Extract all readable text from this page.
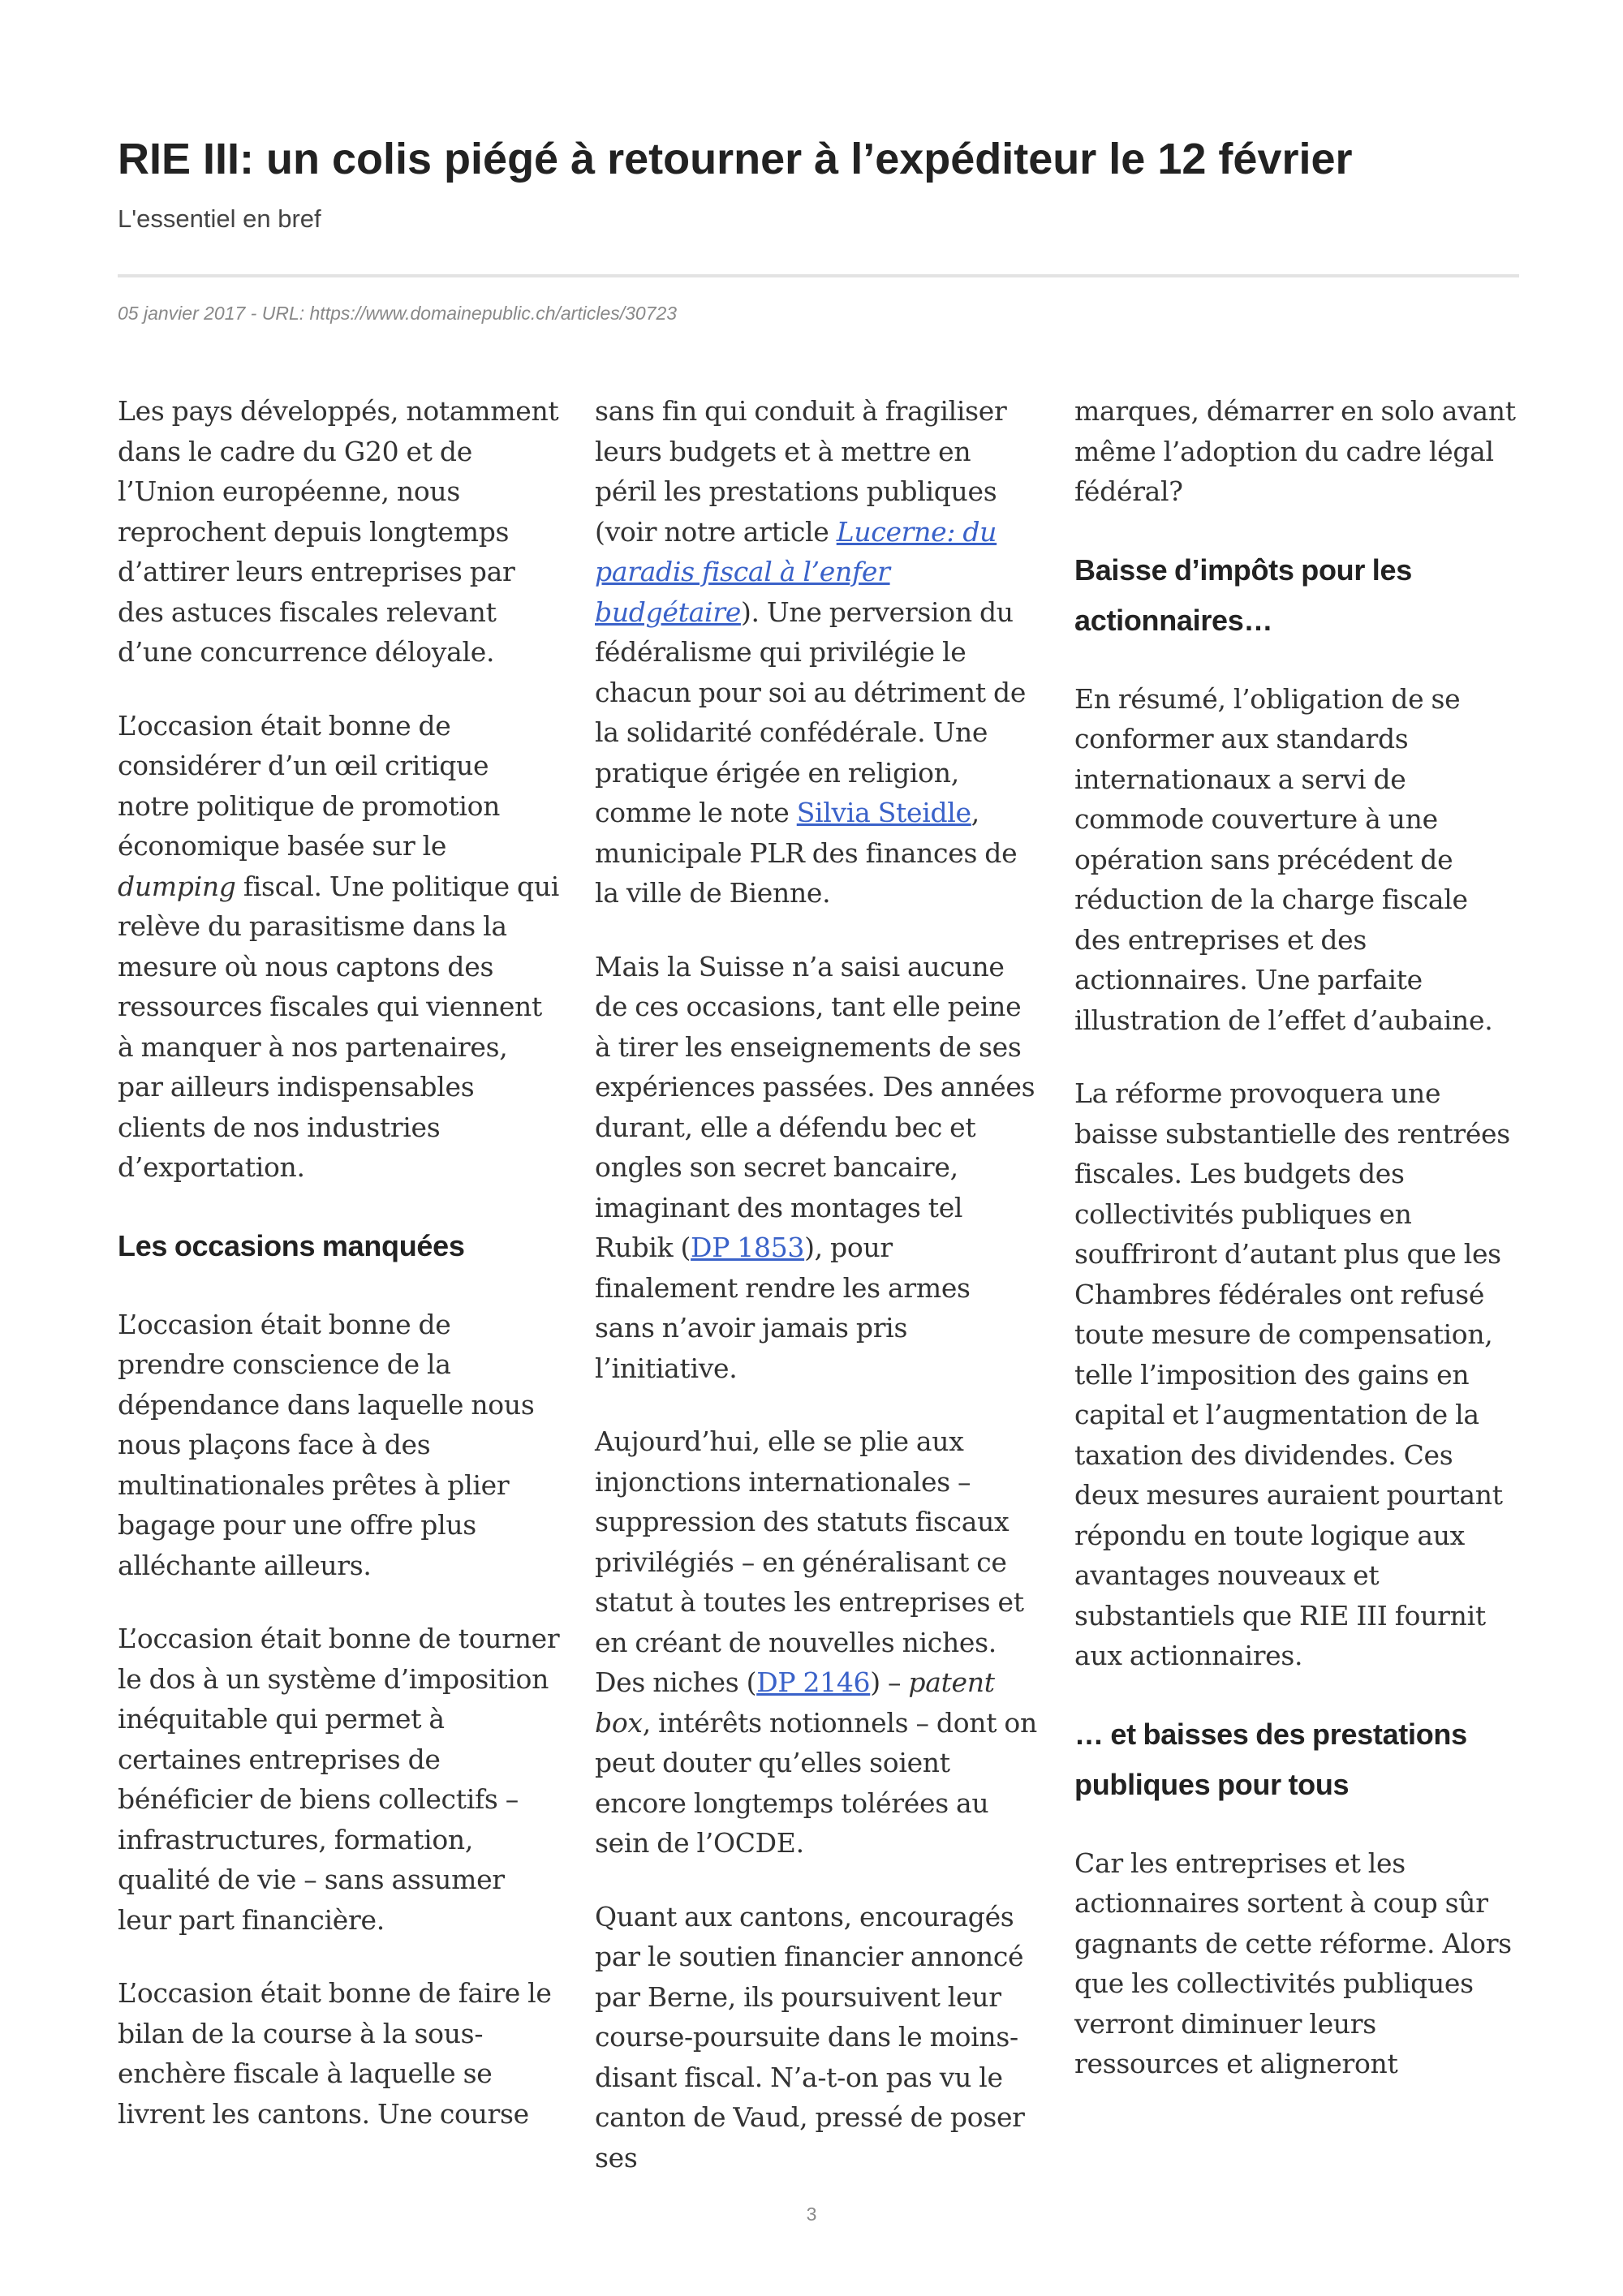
RIE III: un colis piégé à retourner à l’expéditeur le 12 février

L'essentiel en bref

05 janvier 2017 - URL: https://www.domainepublic.ch/articles/30723

Les pays développés, notamment dans le cadre du G20 et de l’Union européenne, nous reprochent depuis longtemps d’attirer leurs entreprises par des astuces fiscales relevant d’une concurrence déloyale.

L’occasion était bonne de considérer d’un œil critique notre politique de promotion économique basée sur le dumping fiscal. Une politique qui relève du parasitisme dans la mesure où nous captons des ressources fiscales qui viennent à manquer à nos partenaires, par ailleurs indispensables clients de nos industries d’exportation.

Les occasions manquées

L’occasion était bonne de prendre conscience de la dépendance dans laquelle nous nous plaçons face à des multinationales prêtes à plier bagage pour une offre plus alléchante ailleurs.

L’occasion était bonne de tourner le dos à un système d’imposition inéquitable qui permet à certaines entreprises de bénéficier de biens collectifs – infrastructures, formation, qualité de vie – sans assumer leur part financière.

L’occasion était bonne de faire le bilan de la course à la sous-enchère fiscale à laquelle se livrent les cantons. Une course

sans fin qui conduit à fragiliser leurs budgets et à mettre en péril les prestations publiques (voir notre article Lucerne: du paradis fiscal à l’enfer budgétaire). Une perversion du fédéralisme qui privilégie le chacun pour soi au détriment de la solidarité confédérale. Une pratique érigée en religion, comme le note Silvia Steidle, municipale PLR des finances de la ville de Bienne.

Mais la Suisse n’a saisi aucune de ces occasions, tant elle peine à tirer les enseignements de ses expériences passées. Des années durant, elle a défendu bec et ongles son secret bancaire, imaginant des montages tel Rubik (DP 1853), pour finalement rendre les armes sans n’avoir jamais pris l’initiative.

Aujourd’hui, elle se plie aux injonctions internationales – suppression des statuts fiscaux privilégiés – en généralisant ce statut à toutes les entreprises et en créant de nouvelles niches. Des niches (DP 2146) – patent box, intérêts notionnels – dont on peut douter qu’elles soient encore longtemps tolérées au sein de l’OCDE.

Quant aux cantons, encouragés par le soutien financier annoncé par Berne, ils poursuivent leur course-poursuite dans le moins-disant fiscal. N’a-t-on pas vu le canton de Vaud, pressé de poser ses

marques, démarrer en solo avant même l’adoption du cadre légal fédéral?

Baisse d’impôts pour les actionnaires…

En résumé, l’obligation de se conformer aux standards internationaux a servi de commode couverture à une opération sans précédent de réduction de la charge fiscale des entreprises et des actionnaires. Une parfaite illustration de l’effet d’aubaine.

La réforme provoquera une baisse substantielle des rentrées fiscales. Les budgets des collectivités publiques en souffriront d’autant plus que les Chambres fédérales ont refusé toute mesure de compensation, telle l’imposition des gains en capital et l’augmentation de la taxation des dividendes. Ces deux mesures auraient pourtant répondu en toute logique aux avantages nouveaux et substantiels que RIE III fournit aux actionnaires.

… et baisses des prestations publiques pour tous

Car les entreprises et les actionnaires sortent à coup sûr gagnants de cette réforme. Alors que les collectivités publiques verront diminuer leurs ressources et aligneront

3
